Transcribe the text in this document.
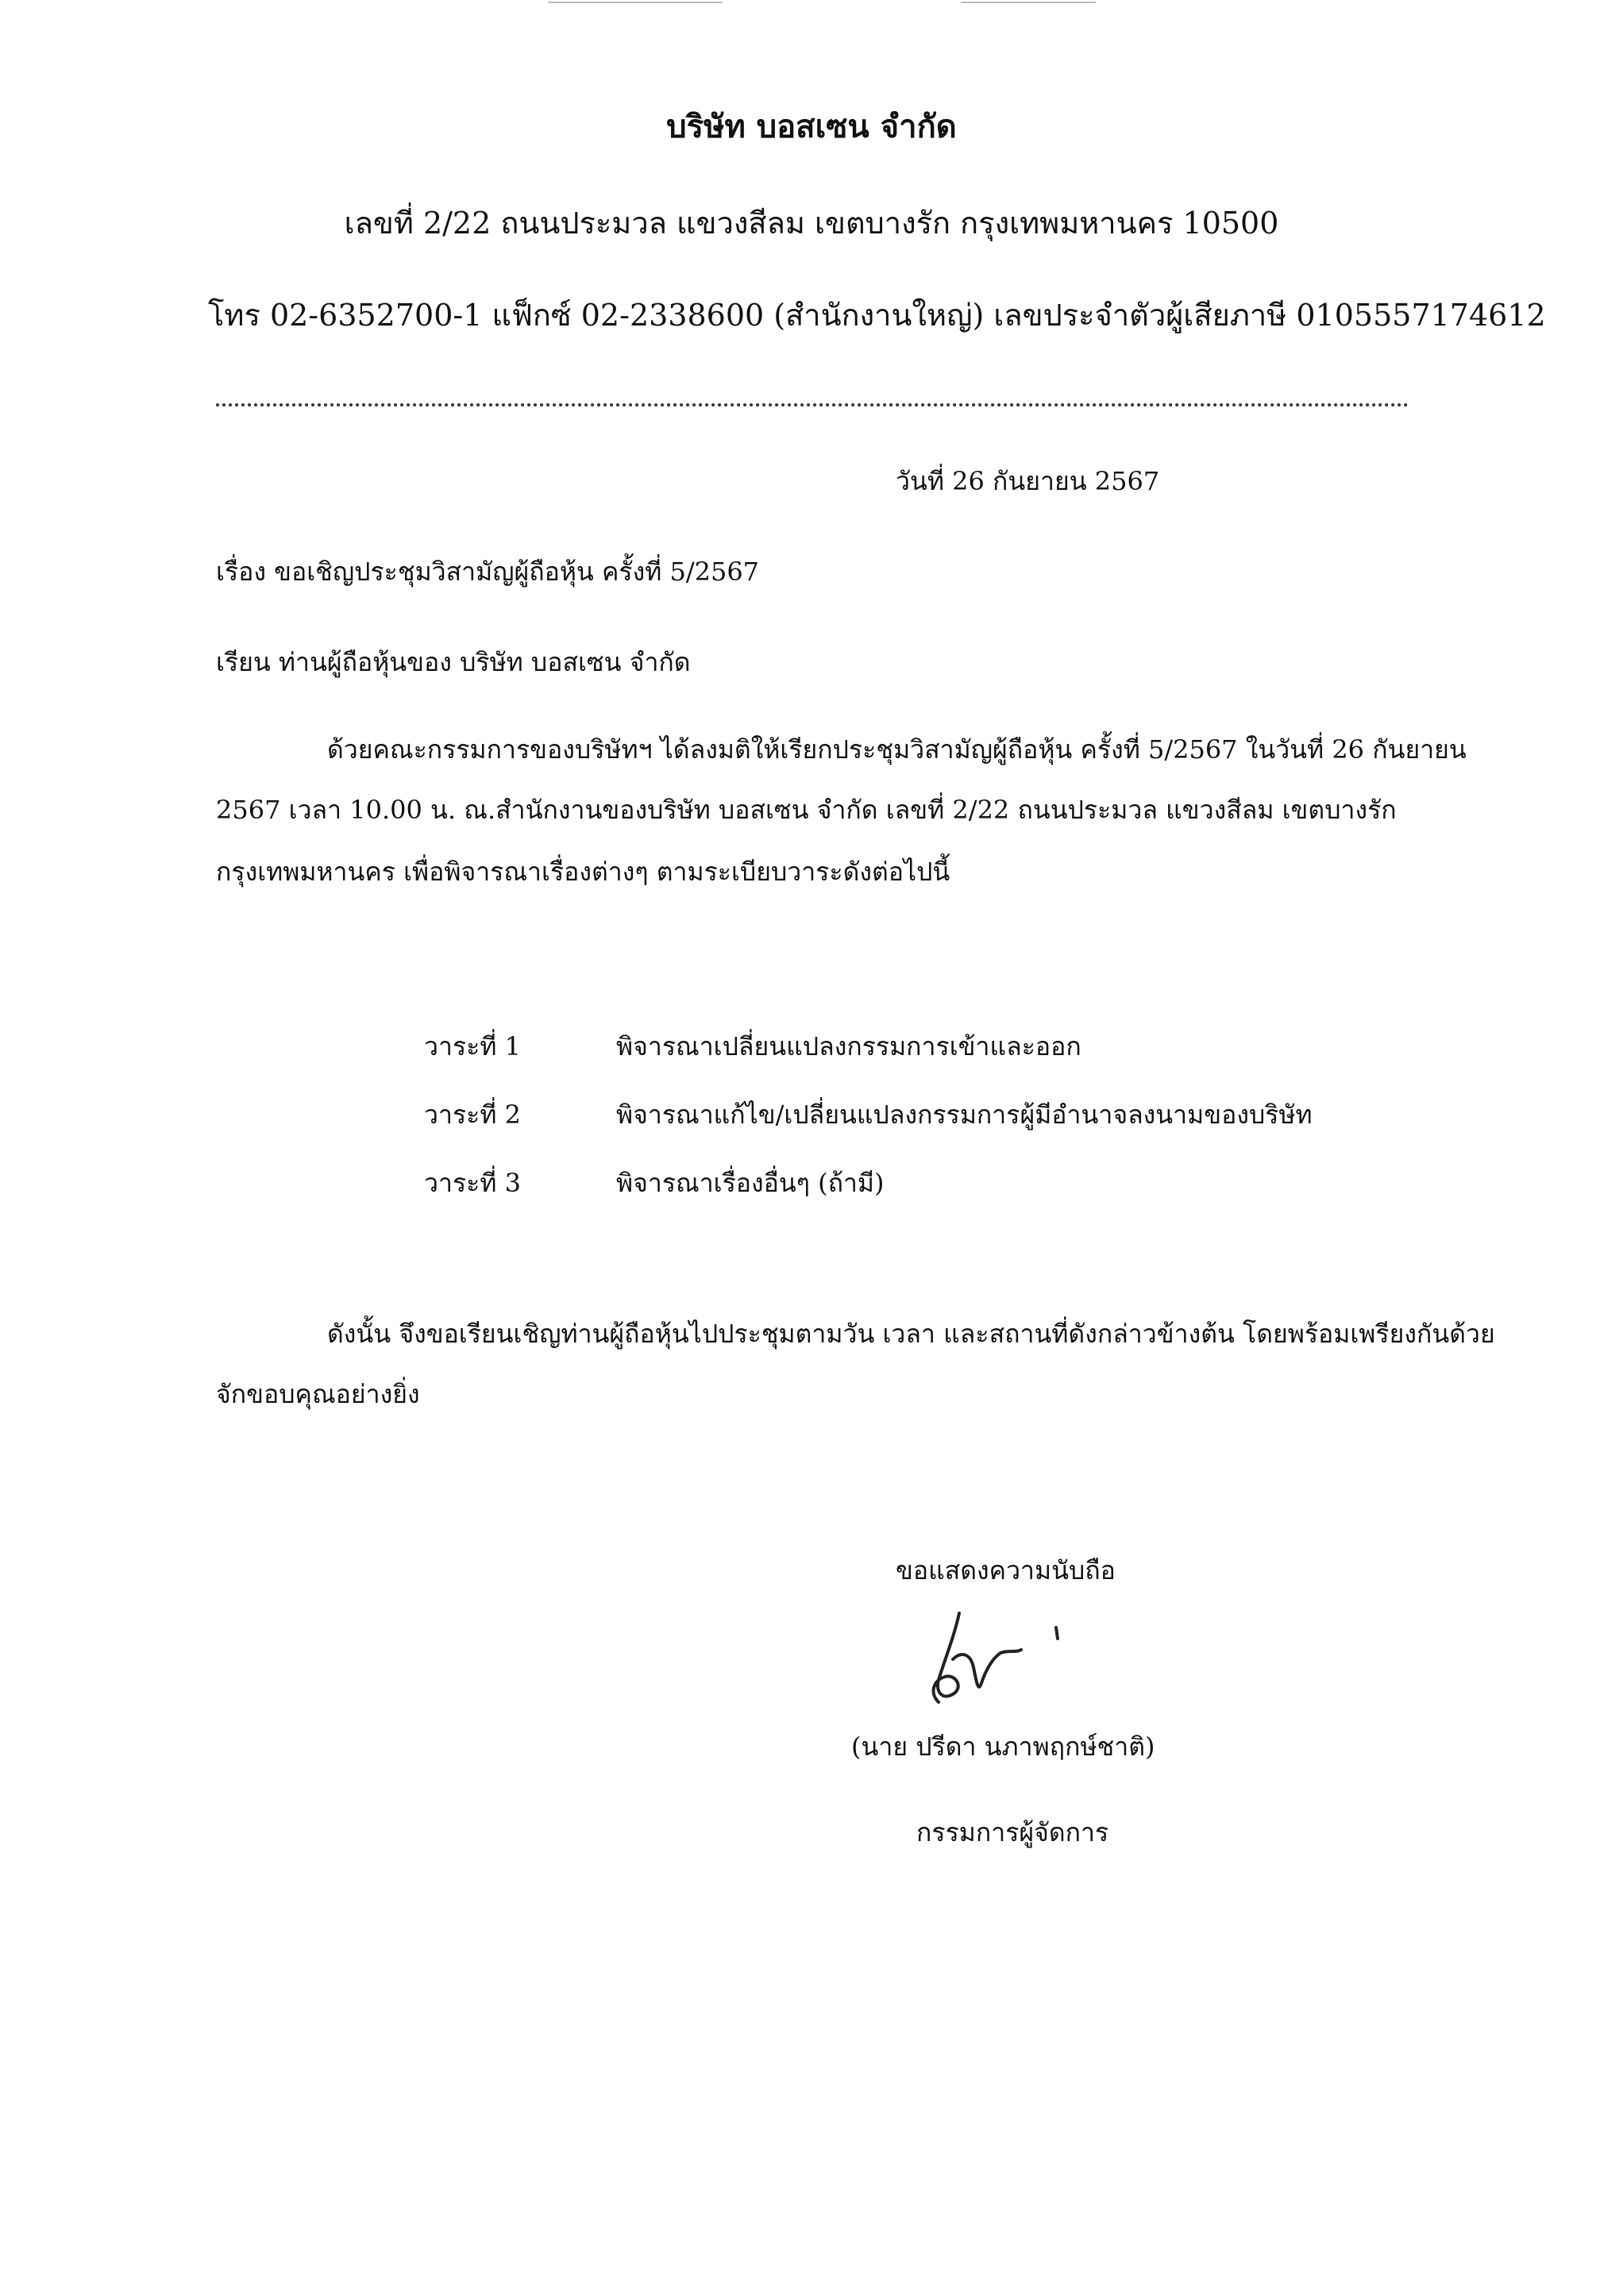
บริษัท บอสเซน จำกัด
เลขที่ 2/22 ถนนประมวล แขวงสีลม เขตบางรัก กรุงเทพมหานคร 10500
โทร 02-6352700-1 แฟ็กซ์ 02-2338600 (สำนักงานใหญ่) เลขประจำตัวผู้เสียภาษี 0105557174612
วันที่ 26 กันยายน 2567
เรื่อง ขอเชิญประชุมวิสามัญผู้ถือหุ้น ครั้งที่ 5/2567
เรียน ท่านผู้ถือหุ้นของ บริษัท บอสเซน จำกัด
ด้วยคณะกรรมการของบริษัทฯ ได้ลงมติให้เรียกประชุมวิสามัญผู้ถือหุ้น ครั้งที่ 5/2567 ในวันที่ 26 กันยายน
2567 เวลา 10.00 น. ณ.สำนักงานของบริษัท บอสเซน จำกัด เลขที่ 2/22 ถนนประมวล แขวงสีลม เขตบางรัก
กรุงเทพมหานคร เพื่อพิจารณาเรื่องต่างๆ ตามระเบียบวาระดังต่อไปนี้
วาระที่ 1	พิจารณาเปลี่ยนแปลงกรรมการเข้าและออก
วาระที่ 2	พิจารณาแก้ไข/เปลี่ยนแปลงกรรมการผู้มีอำนาจลงนามของบริษัท
วาระที่ 3	พิจารณาเรื่องอื่นๆ (ถ้ามี)
ดังนั้น จึงขอเรียนเชิญท่านผู้ถือหุ้นไปประชุมตามวัน เวลา และสถานที่ดังกล่าวข้างต้น โดยพร้อมเพรียงกันด้วย
จักขอบคุณอย่างยิ่ง
ขอแสดงความนับถือ
(นาย ปรีดา นภาพฤกษ์ชาติ)
กรรมการผู้จัดการ
